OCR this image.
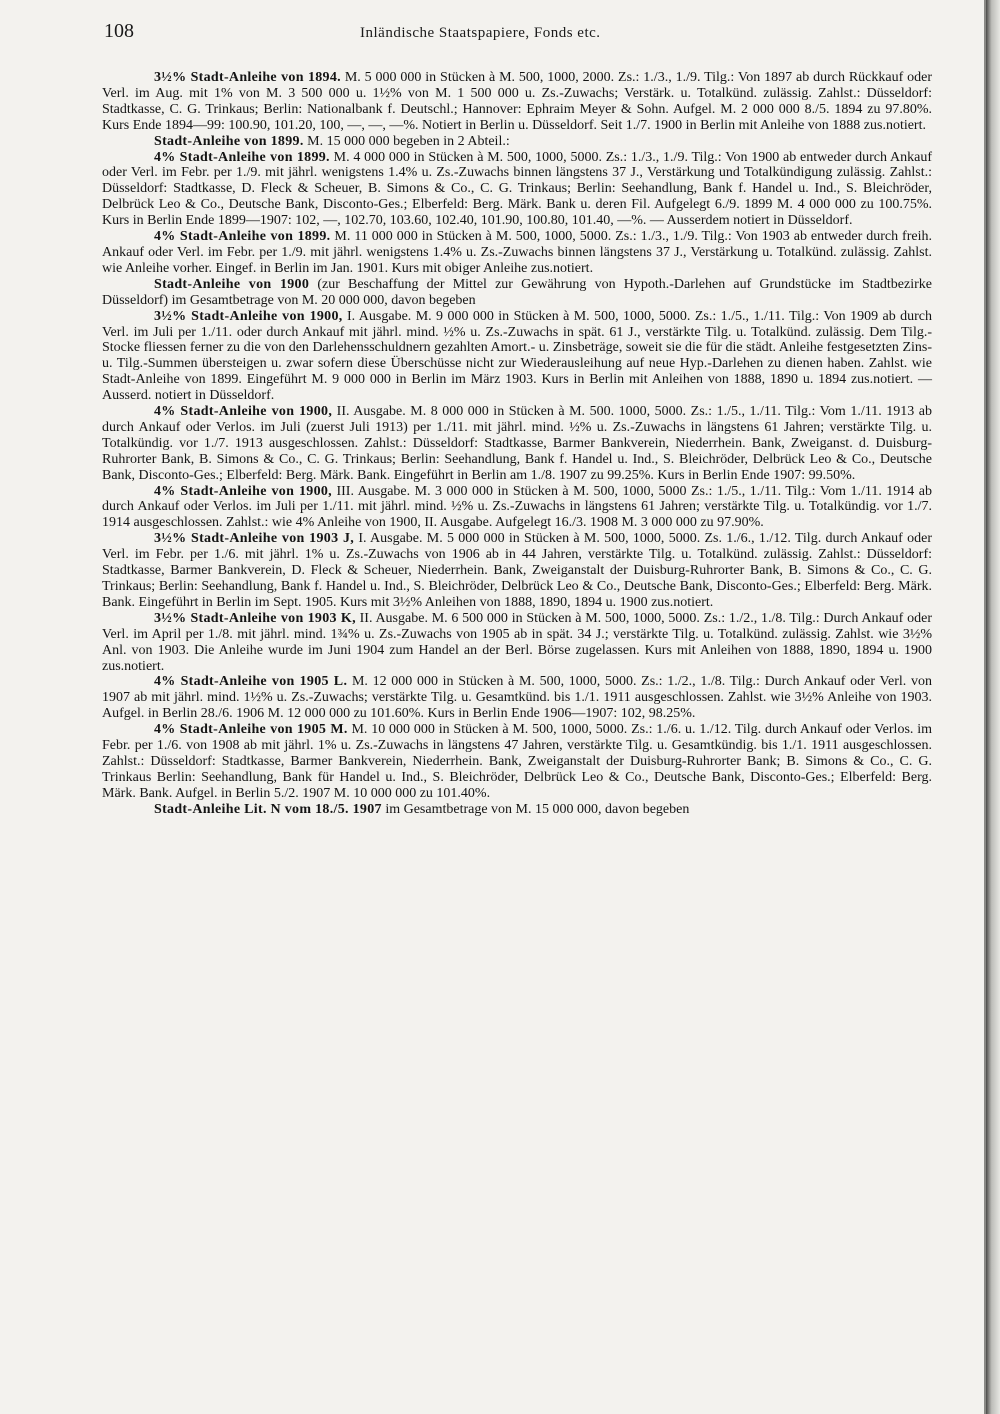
108	Inländische Staatspapiere, Fonds etc.

3½% Stadt-Anleihe von 1894. M. 5 000 000 in Stücken à M. 500, 1000, 2000. Zs.: 1./3., 1./9. Tilg.: Von 1897 ab durch Rückkauf oder Verl. im Aug. mit 1% von M. 3 500 000 u. 1½% von M. 1 500 000 u. Zs.-Zuwachs; Verstärk. u. Totalkünd. zulässig. Zahlst.: Düsseldorf: Stadtkasse, C. G. Trinkaus; Berlin: Nationalbank f. Deutschl.; Hannover: Ephraim Meyer & Sohn. Aufgel. M. 2 000 000 8./5. 1894 zu 97.80%. Kurs Ende 1894—99: 100.90, 101.20, 100, —, —, —%. Notiert in Berlin u. Düsseldorf. Seit 1./7. 1900 in Berlin mit Anleihe von 1888 zus.notiert.

Stadt-Anleihe von 1899. M. 15 000 000 begeben in 2 Abteil.:

4% Stadt-Anleihe von 1899. M. 4 000 000 in Stücken à M. 500, 1000, 5000. Zs.: 1./3., 1./9. Tilg.: Von 1900 ab entweder durch Ankauf oder Verl. im Febr. per 1./9. mit jährl. wenigstens 1.4% u. Zs.-Zuwachs binnen längstens 37 J., Verstärkung und Totalkündigung zulässig. Zahlst.: Düsseldorf: Stadtkasse, D. Fleck & Scheuer, B. Simons & Co., C. G. Trinkaus; Berlin: Seehandlung, Bank f. Handel u. Ind., S. Bleichröder, Delbrück Leo & Co., Deutsche Bank, Disconto-Ges.; Elberfeld: Berg. Märk. Bank u. deren Fil. Aufgelegt 6./9. 1899 M. 4 000 000 zu 100.75%. Kurs in Berlin Ende 1899—1907: 102, —, 102.70, 103.60, 102.40, 101.90, 100.80, 101.40, —%. — Ausserdem notiert in Düsseldorf.

4% Stadt-Anleihe von 1899. M. 11 000 000 in Stücken à M. 500, 1000, 5000. Zs.: 1./3., 1./9. Tilg.: Von 1903 ab entweder durch freih. Ankauf oder Verl. im Febr. per 1./9. mit jährl. wenigstens 1.4% u. Zs.-Zuwachs binnen längstens 37 J., Verstärkung u. Totalkünd. zulässig. Zahlst. wie Anleihe vorher. Eingef. in Berlin im Jan. 1901. Kurs mit obiger Anleihe zus.notiert.

Stadt-Anleihe von 1900 (zur Beschaffung der Mittel zur Gewährung von Hypoth.-Darlehen auf Grundstücke im Stadtbezirke Düsseldorf) im Gesamtbetrage von M. 20 000 000, davon begeben

3½% Stadt-Anleihe von 1900, I. Ausgabe. M. 9 000 000 in Stücken à M. 500, 1000, 5000. Zs.: 1./5., 1./11. Tilg.: Von 1909 ab durch Verl. im Juli per 1./11. oder durch Ankauf mit jährl. mind. ½% u. Zs.-Zuwachs in spät. 61 J., verstärkte Tilg. u. Totalkünd. zulässig. Dem Tilg.-Stocke fliessen ferner zu die von den Darlehensschuldnern gezahlten Amort.- u. Zinsbeträge, soweit sie die für die städt. Anleihe festgesetzten Zins- u. Tilg.-Summen übersteigen u. zwar sofern diese Überschüsse nicht zur Wiederausleihung auf neue Hyp.-Darlehen zu dienen haben. Zahlst. wie Stadt-Anleihe von 1899. Eingeführt M. 9 000 000 in Berlin im März 1903. Kurs in Berlin mit Anleihen von 1888, 1890 u. 1894 zus.notiert. — Ausserd. notiert in Düsseldorf.

4% Stadt-Anleihe von 1900, II. Ausgabe. M. 8 000 000 in Stücken à M. 500. 1000, 5000. Zs.: 1./5., 1./11. Tilg.: Vom 1./11. 1913 ab durch Ankauf oder Verlos. im Juli (zuerst Juli 1913) per 1./11. mit jährl. mind. ½% u. Zs.-Zuwachs in längstens 61 Jahren; verstärkte Tilg. u. Totalkündig. vor 1./7. 1913 ausgeschlossen. Zahlst.: Düsseldorf: Stadtkasse, Barmer Bankverein, Niederrhein. Bank, Zweiganst. d. Duisburg-Ruhrorter Bank, B. Simons & Co., C. G. Trinkaus; Berlin: Seehandlung, Bank f. Handel u. Ind., S. Bleichröder, Delbrück Leo & Co., Deutsche Bank, Disconto-Ges.; Elberfeld: Berg. Märk. Bank. Eingeführt in Berlin am 1./8. 1907 zu 99.25%. Kurs in Berlin Ende 1907: 99.50%.

4% Stadt-Anleihe von 1900, III. Ausgabe. M. 3 000 000 in Stücken à M. 500, 1000, 5000 Zs.: 1./5., 1./11. Tilg.: Vom 1./11. 1914 ab durch Ankauf oder Verlos. im Juli per 1./11. mit jährl. mind. ½% u. Zs.-Zuwachs in längstens 61 Jahren; verstärkte Tilg. u. Totalkündig. vor 1./7. 1914 ausgeschlossen. Zahlst.: wie 4% Anleihe von 1900, II. Ausgabe. Aufgelegt 16./3. 1908 M. 3 000 000 zu 97.90%.

3½% Stadt-Anleihe von 1903 J, I. Ausgabe. M. 5 000 000 in Stücken à M. 500, 1000, 5000. Zs. 1./6., 1./12. Tilg. durch Ankauf oder Verl. im Febr. per 1./6. mit jährl. 1% u. Zs.-Zuwachs von 1906 ab in 44 Jahren, verstärkte Tilg. u. Totalkünd. zulässig. Zahlst.: Düsseldorf: Stadtkasse, Barmer Bankverein, D. Fleck & Scheuer, Niederrhein. Bank, Zweiganstalt der Duisburg-Ruhrorter Bank, B. Simons & Co., C. G. Trinkaus; Berlin: Seehandlung, Bank f. Handel u. Ind., S. Bleichröder, Delbrück Leo & Co., Deutsche Bank, Disconto-Ges.; Elberfeld: Berg. Märk. Bank. Eingeführt in Berlin im Sept. 1905. Kurs mit 3½% Anleihen von 1888, 1890, 1894 u. 1900 zus.notiert.

3½% Stadt-Anleihe von 1903 K, II. Ausgabe. M. 6 500 000 in Stücken à M. 500, 1000, 5000. Zs.: 1./2., 1./8. Tilg.: Durch Ankauf oder Verl. im April per 1./8. mit jährl. mind. 1¾% u. Zs.-Zuwachs von 1905 ab in spät. 34 J.; verstärkte Tilg. u. Totalkünd. zulässig. Zahlst. wie 3½% Anl. von 1903. Die Anleihe wurde im Juni 1904 zum Handel an der Berl. Börse zugelassen. Kurs mit Anleihen von 1888, 1890, 1894 u. 1900 zus.notiert.

4% Stadt-Anleihe von 1905 L. M. 12 000 000 in Stücken à M. 500, 1000, 5000. Zs.: 1./2., 1./8. Tilg.: Durch Ankauf oder Verl. von 1907 ab mit jährl. mind. 1½% u. Zs.-Zuwachs; verstärkte Tilg. u. Gesamtkünd. bis 1./1. 1911 ausgeschlossen. Zahlst. wie 3½% Anleihe von 1903. Aufgel. in Berlin 28./6. 1906 M. 12 000 000 zu 101.60%. Kurs in Berlin Ende 1906—1907: 102, 98.25%.

4% Stadt-Anleihe von 1905 M. M. 10 000 000 in Stücken à M. 500, 1000, 5000. Zs.: 1./6. u. 1./12. Tilg. durch Ankauf oder Verlos. im Febr. per 1./6. von 1908 ab mit jährl. 1% u. Zs.-Zuwachs in längstens 47 Jahren, verstärkte Tilg. u. Gesamtkündig. bis 1./1. 1911 ausgeschlossen. Zahlst.: Düsseldorf: Stadtkasse, Barmer Bankverein, Niederrhein. Bank, Zweiganstalt der Duisburg-Ruhrorter Bank; B. Simons & Co., C. G. Trinkaus Berlin: Seehandlung, Bank für Handel u. Ind., S. Bleichröder, Delbrück Leo & Co., Deutsche Bank, Disconto-Ges.; Elberfeld: Berg. Märk. Bank. Aufgel. in Berlin 5./2. 1907 M. 10 000 000 zu 101.40%.

Stadt-Anleihe Lit. N vom 18./5. 1907 im Gesamtbetrage von M. 15 000 000, davon begeben
